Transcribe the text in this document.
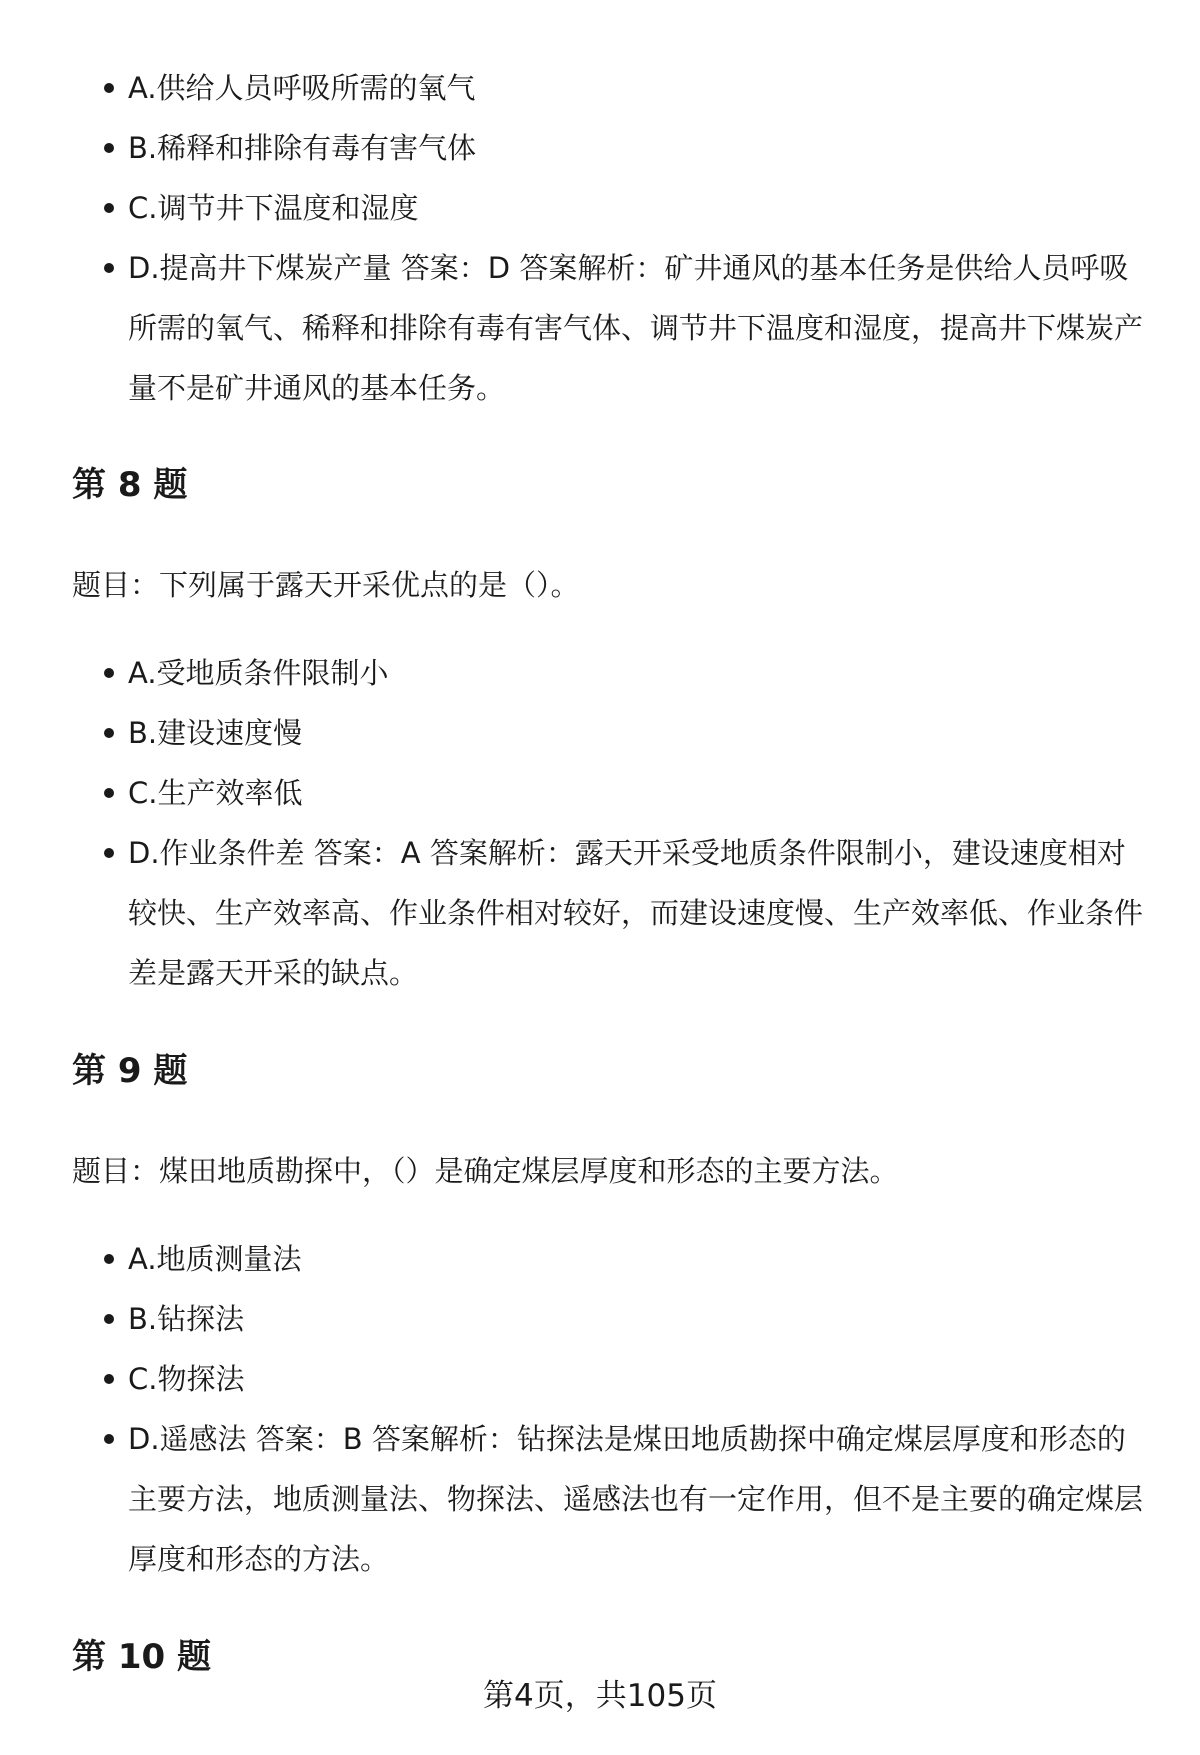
A.供给人员呼吸所需的氧气
B.稀释和排除有毒有害气体
C.调节井下温度和湿度
D.提高井下煤炭产量 答案：D 答案解析：矿井通风的基本任务是供给人员呼吸所需的氧气、稀释和排除有毒有害气体、调节井下温度和湿度，提高井下煤炭产量不是矿井通风的基本任务。
第 8 题

题目：下列属于露天开采优点的是（）。

A.受地质条件限制小
B.建设速度慢
C.生产效率低
D.作业条件差 答案：A 答案解析：露天开采受地质条件限制小，建设速度相对较快、生产效率高、作业条件相对较好，而建设速度慢、生产效率低、作业条件差是露天开采的缺点。
第 9 题

题目：煤田地质勘探中，（）是确定煤层厚度和形态的主要方法。

A.地质测量法
B.钻探法
C.物探法
D.遥感法 答案：B 答案解析：钻探法是煤田地质勘探中确定煤层厚度和形态的主要方法，地质测量法、物探法、遥感法也有一定作用，但不是主要的确定煤层厚度和形态的方法。
第 10 题
第4页，共105页
